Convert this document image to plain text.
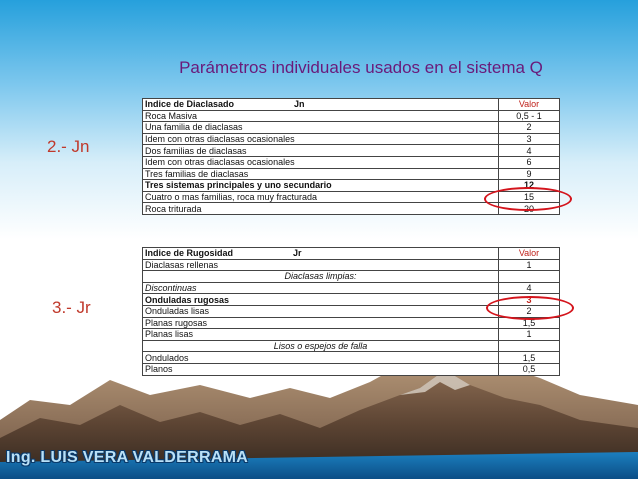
Parámetros individuales usados en el sistema Q
2.- Jn
3.- Jr
Indice de Diaclasado Jn	Valor
Roca Masiva	0,5 - 1
Una familia de diaclasas	2
Idem con otras diaclasas ocasionales	3
Dos familias de diaclasas	4
Idem con otras diaclasas ocasionales	6
Tres familias de diaclasas	9
Tres sistemas principales y uno secundario	12
Cuatro o mas familias, roca muy fracturada	15
Roca triturada	20
Indice de Rugosidad Jr	Valor
Diaclasas rellenas	1
Diaclasas limpias:	
Discontinuas	4
Onduladas rugosas	3
Onduladas lisas	2
Planas rugosas	1,5
Planas lisas	1
Lisos o espejos de falla	
Ondulados	1,5
Planos	0,5
Ing. LUIS VERA VALDERRAMA
